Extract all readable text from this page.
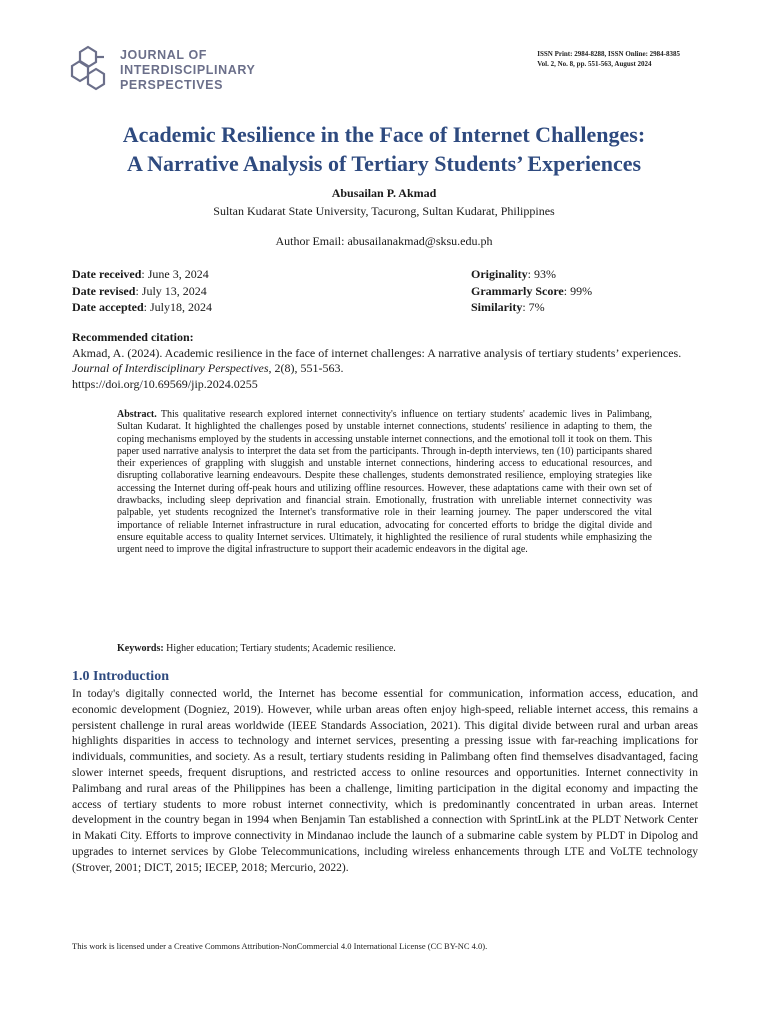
JOURNAL OF
INTERDISCIPLINARY
PERSPECTIVES
ISSN Print: 2984-8288, ISSN Online: 2984-8385
Vol. 2, No. 8, pp. 551-563, August 2024
Academic Resilience in the Face of Internet Challenges:
A Narrative Analysis of Tertiary Students’ Experiences
Abusailan P. Akmad
Sultan Kudarat State University, Tacurong, Sultan Kudarat, Philippines
Author Email: abusailanakmad@sksu.edu.ph
Date received: June 3, 2024
Date revised: July 13, 2024
Date accepted: July18, 2024
Originality: 93%
Grammarly Score: 99%
Similarity: 7%
Recommended citation:
Akmad, A. (2024). Academic resilience in the face of internet challenges: A narrative analysis of tertiary students’ experiences. Journal of Interdisciplinary Perspectives, 2(8), 551-563.
https://doi.org/10.69569/jip.2024.0255
Abstract. This qualitative research explored internet connectivity's influence on tertiary students' academic lives in Palimbang, Sultan Kudarat. It highlighted the challenges posed by unstable internet connections, students' resilience in adapting to them, the coping mechanisms employed by the students in accessing unstable internet connections, and the emotional toll it took on them. This paper used narrative analysis to interpret the data set from the participants. Through in-depth interviews, ten (10) participants shared their experiences of grappling with sluggish and unstable internet connections, hindering access to educational resources, and disrupting collaborative learning endeavours. Despite these challenges, students demonstrated resilience, employing strategies like accessing the Internet during off-peak hours and utilizing offline resources. However, these adaptations came with their own set of drawbacks, including sleep deprivation and financial strain. Emotionally, frustration with unreliable internet connectivity was palpable, yet students recognized the Internet's transformative role in their learning journey. The paper underscored the vital importance of reliable Internet infrastructure in rural education, advocating for concerted efforts to bridge the digital divide and ensure equitable access to quality Internet services. Ultimately, it highlighted the resilience of rural students while emphasizing the urgent need to improve the digital infrastructure to support their academic endeavors in the digital age.
Keywords: Higher education; Tertiary students; Academic resilience.
1.0 Introduction
In today's digitally connected world, the Internet has become essential for communication, information access, education, and economic development (Dogniez, 2019). However, while urban areas often enjoy high-speed, reliable internet access, this remains a persistent challenge in rural areas worldwide (IEEE Standards Association, 2021). This digital divide between rural and urban areas highlights disparities in access to technology and internet services, presenting a pressing issue with far-reaching implications for individuals, communities, and society. As a result, tertiary students residing in Palimbang often find themselves disadvantaged, facing slower internet speeds, frequent disruptions, and restricted access to online resources and opportunities. Internet connectivity in Palimbang and rural areas of the Philippines has been a challenge, limiting participation in the digital economy and impacting the access of tertiary students to more robust internet connectivity, which is predominantly concentrated in urban areas. Internet development in the country began in 1994 when Benjamin Tan established a connection with SprintLink at the PLDT Network Center in Makati City. Efforts to improve connectivity in Mindanao include the launch of a submarine cable system by PLDT in Dipolog and upgrades to internet services by Globe Telecommunications, including wireless enhancements through LTE and VoLTE technology (Strover, 2001; DICT, 2015; IECEP, 2018; Mercurio, 2022).
This work is licensed under a Creative Commons Attribution-NonCommercial 4.0 International License (CC BY-NC 4.0).
